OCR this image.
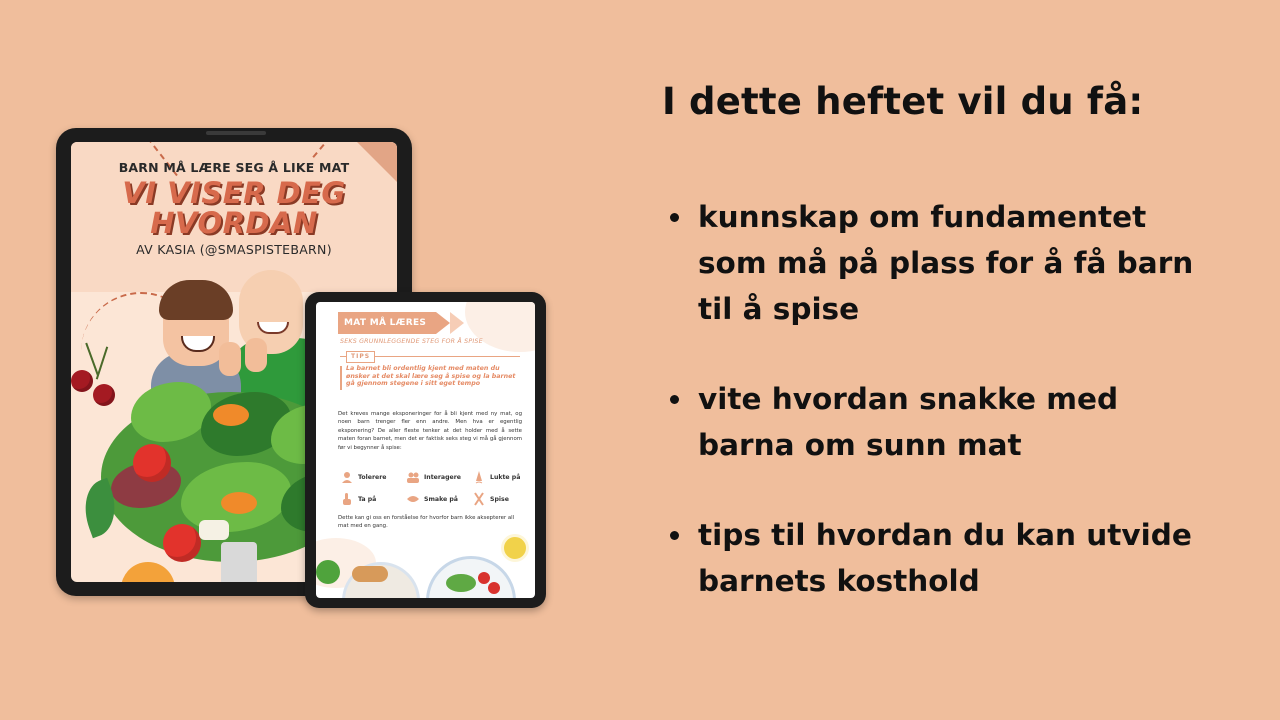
BARN MÅ LÆRE SEG Å LIKE MAT
VI VISER DEG
HVORDAN
AV KASIA (@SMASPISTEBARN)
MAT MÅ LÆRES
SEKS GRUNNLEGGENDE STEG FOR Å SPISE
TIPS
La barnet bli ordentlig kjent med maten du ønsker at det skal lære seg å spise og la barnet gå gjennom stegene i sitt eget tempo
Det kreves mange eksponeringer for å bli kjent med ny mat, og noen barn trenger fler enn andre. Men hva er egentlig eksponering? De aller fleste tenker at det holder med å sette maten foran barnet, men det er faktisk seks steg vi må gå gjennom før vi begynner å spise:
Tolerere	Interagere	Lukte på
Ta på	Smake på	Spise
Dette kan gi oss en forståelse for hvorfor barn ikke aksepterer all mat med en gang.
I dette heftet vil du få:
kunnskap om fundamentet som må på plass for å få barn til å spise
vite hvordan snakke med barna om sunn mat
tips til hvordan du kan utvide barnets kosthold
